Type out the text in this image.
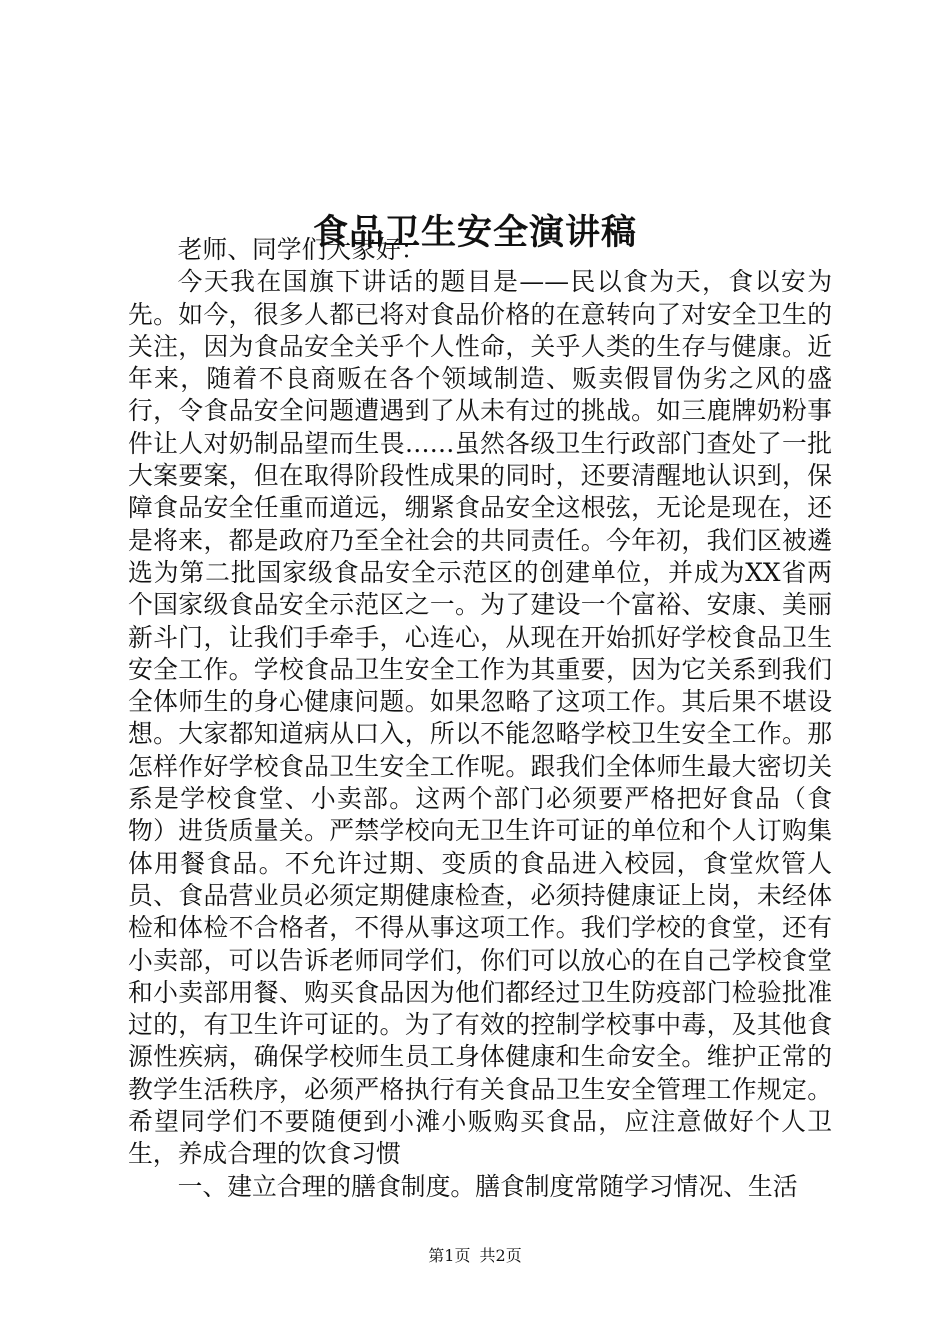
食品卫生安全演讲稿

老师、同学们大家好：

今天我在国旗下讲话的题目是——民以食为天，食以安为先。如今，很多人都已将对食品价格的在意转向了对安全卫生的关注，因为食品安全关乎个人性命，关乎人类的生存与健康。近年来，随着不良商贩在各个领域制造、贩卖假冒伪劣之风的盛行，令食品安全问题遭遇到了从未有过的挑战。如三鹿牌奶粉事件让人对奶制品望而生畏……虽然各级卫生行政部门查处了一批大案要案，但在取得阶段性成果的同时，还要清醒地认识到，保障食品安全任重而道远，绷紧食品安全这根弦，无论是现在，还是将来，都是政府乃至全社会的共同责任。今年初，我们区被遴选为第二批国家级食品安全示范区的创建单位，并成为XX省两个国家级食品安全示范区之一。为了建设一个富裕、安康、美丽新斗门，让我们手牵手，心连心，从现在开始抓好学校食品卫生安全工作。学校食品卫生安全工作为其重要，因为它关系到我们全体师生的身心健康问题。如果忽略了这项工作。其后果不堪设想。大家都知道病从口入，所以不能忽略学校卫生安全工作。那怎样作好学校食品卫生安全工作呢。跟我们全体师生最大密切关系是学校食堂、小卖部。这两个部门必须要严格把好食品（食物）进货质量关。严禁学校向无卫生许可证的单位和个人订购集体用餐食品。不允许过期、变质的食品进入校园，食堂炊管人员、食品营业员必须定期健康检查，必须持健康证上岗，未经体检和体检不合格者，不得从事这项工作。我们学校的食堂，还有小卖部，可以告诉老师同学们，你们可以放心的在自己学校食堂和小卖部用餐、购买食品因为他们都经过卫生防疫部门检验批准过的，有卫生许可证的。为了有效的控制学校事中毒，及其他食源性疾病，确保学校师生员工身体健康和生命安全。维护正常的教学生活秩序，必须严格执行有关食品卫生安全管理工作规定。希望同学们不要随便到小滩小贩购买食品，应注意做好个人卫生，养成合理的饮食习惯

一、建立合理的膳食制度。膳食制度常随学习情况、生活

第1页 共2页
